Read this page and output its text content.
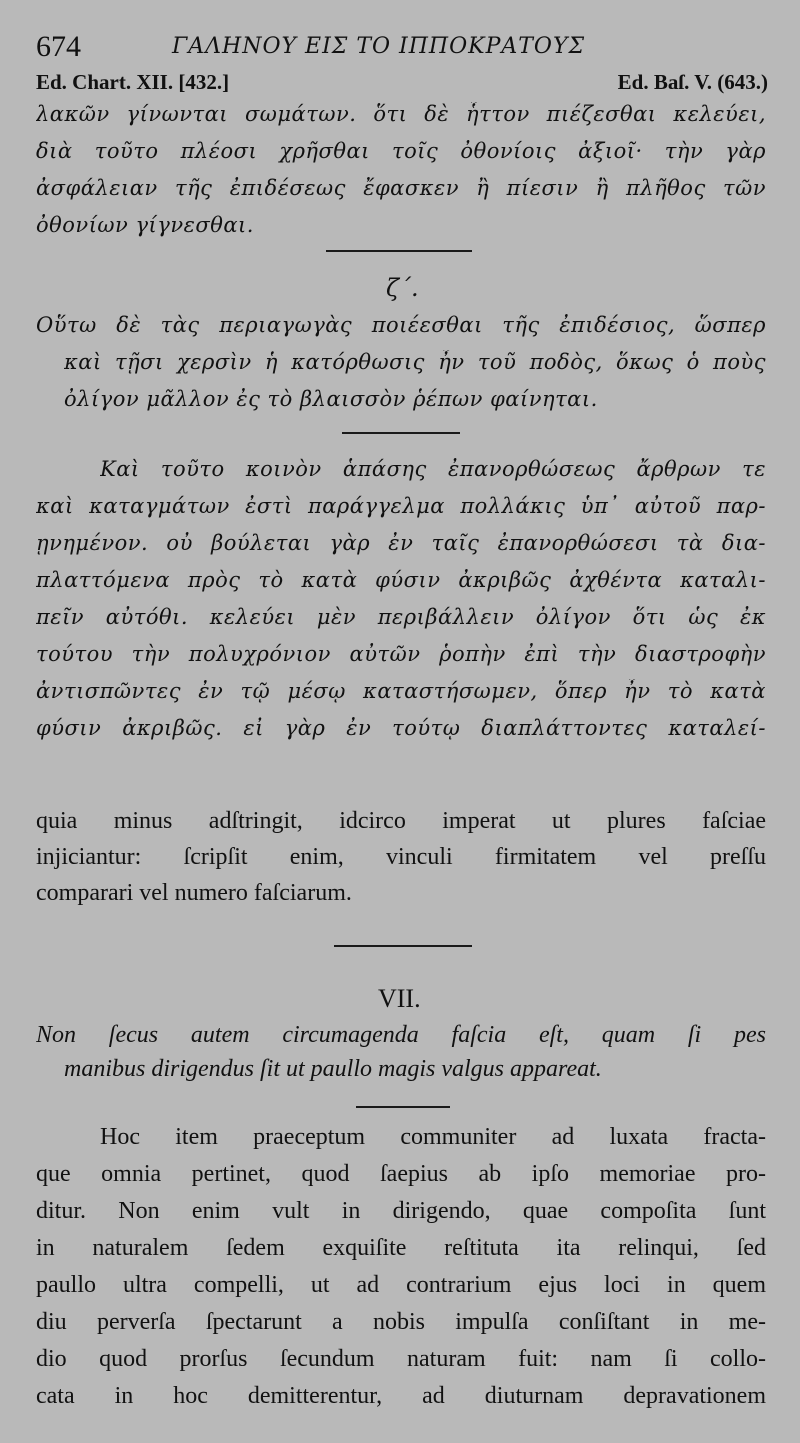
674	ΓΑΛΗΝΟΥ ΕΙΣ ΤΟ ΙΠΠΟΚΡΑΤΟΥΣ
Ed. Chart. XII. [432.]	Ed. Baſ. V. (643.)
λακῶν γίνωνται σωμάτων. ὅτι δὲ ἧττον πιέζεσθαι κελεύει,
διὰ τοῦτο πλέοσι χρῆσθαι τοῖς ὀθονίοις ἀξιοῖ· τὴν γὰρ
ἀσφάλειαν τῆς ἐπιδέσεως ἔφασκεν ἢ πίεσιν ἢ πλῆθος τῶν
ὀθονίων γίγνεσθαι.
ζ΄.
Οὕτω δὲ τὰς περιαγωγὰς ποιέεσθαι τῆς ἐπιδέσιος, ὥσπερ
καὶ τῇσι χερσὶν ἡ κατόρθωσις ἦν τοῦ ποδὸς, ὅκως ὁ ποὺς
ὀλίγον μᾶλλον ἐς τὸ βλαισσὸν ῥέπων φαίνηται.
Καὶ τοῦτο κοινὸν ἁπάσης ἐπανορθώσεως ἄρθρων τε
καὶ καταγμάτων ἐστὶ παράγγελμα πολλάκις ὑπ᾽ αὐτοῦ παρ-
ῃνημένον. οὐ βούλεται γὰρ ἐν ταῖς ἐπανορθώσεσι τὰ δια-
πλαττόμενα πρὸς τὸ κατὰ φύσιν ἀκριβῶς ἀχθέντα καταλι-
πεῖν αὐτόθι. κελεύει μὲν περιβάλλειν ὀλίγον ὅτι ὡς ἐκ
τούτου τὴν πολυχρόνιον αὐτῶν ῥοπὴν ἐπὶ τὴν διαστροφὴν
ἀντισπῶντες ἐν τῷ μέσῳ καταστήσωμεν, ὅπερ ἦν τὸ κατὰ
φύσιν ἀκριβῶς. εἰ γὰρ ἐν τούτῳ διαπλάττοντες καταλεί-
quia minus adſtringit, idcirco imperat ut plures faſciae
injiciantur: ſcripſit enim, vinculi firmitatem vel preſſu
comparari vel numero faſciarum.
VII.
Non ſecus autem circumagenda faſcia eſt, quam ſi pes
manibus dirigendus ſit ut paullo magis valgus appareat.
Hoc item praeceptum communiter ad luxata fracta-
que omnia pertinet, quod ſaepius ab ipſo memoriae pro-
ditur. Non enim vult in dirigendo, quae compoſita ſunt
in naturalem ſedem exquiſite reſtituta ita relinqui, ſed
paullo ultra compelli, ut ad contrarium ejus loci in quem
diu perverſa ſpectarunt a nobis impulſa conſiſtant in me-
dio quod prorſus ſecundum naturam fuit: nam ſi collo-
cata in hoc demitterentur, ad diuturnam depravationem
